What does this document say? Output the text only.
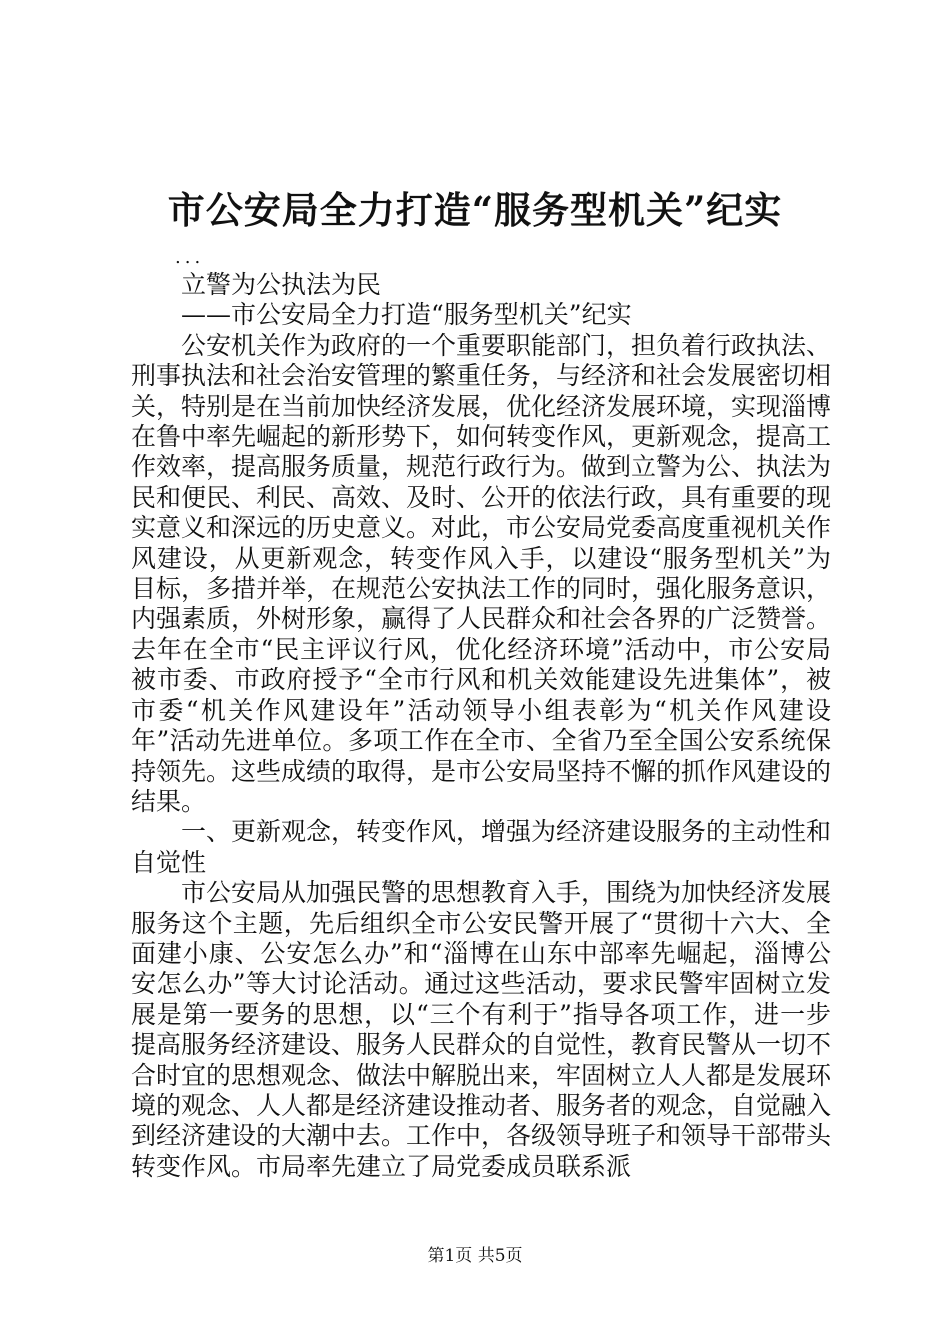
市公安局全力打造“服务型机关”纪实

...

立警为公执法为民

——市公安局全力打造“服务型机关”纪实

公安机关作为政府的一个重要职能部门，担负着行政执法、刑事执法和社会治安管理的繁重任务，与经济和社会发展密切相关，特别是在当前加快经济发展，优化经济发展环境，实现淄博在鲁中率先崛起的新形势下，如何转变作风，更新观念，提高工作效率，提高服务质量，规范行政行为。做到立警为公、执法为民和便民、利民、高效、及时、公开的依法行政，具有重要的现实意义和深远的历史意义。对此，市公安局党委高度重视机关作风建设，从更新观念，转变作风入手，以建设“服务型机关”为目标，多措并举，在规范公安执法工作的同时，强化服务意识，内强素质，外树形象，赢得了人民群众和社会各界的广泛赞誉。去年在全市“民主评议行风，优化经济环境”活动中，市公安局被市委、市政府授予“全市行风和机关效能建设先进集体”，被市委“机关作风建设年”活动领导小组表彰为“机关作风建设年”活动先进单位。多项工作在全市、全省乃至全国公安系统保持领先。这些成绩的取得，是市公安局坚持不懈的抓作风建设的结果。

一、更新观念，转变作风，增强为经济建设服务的主动性和自觉性

市公安局从加强民警的思想教育入手，围绕为加快经济发展服务这个主题，先后组织全市公安民警开展了“贯彻十六大、全面建小康、公安怎么办”和“淄博在山东中部率先崛起，淄博公安怎么办”等大讨论活动。通过这些活动，要求民警牢固树立发展是第一要务的思想，以“三个有利于”指导各项工作，进一步提高服务经济建设、服务人民群众的自觉性，教育民警从一切不合时宜的思想观念、做法中解脱出来，牢固树立人人都是发展环境的观念、人人都是经济建设推动者、服务者的观念，自觉融入到经济建设的大潮中去。工作中，各级领导班子和领导干部带头转变作风。市局率先建立了局党委成员联系派

第1页 共5页
